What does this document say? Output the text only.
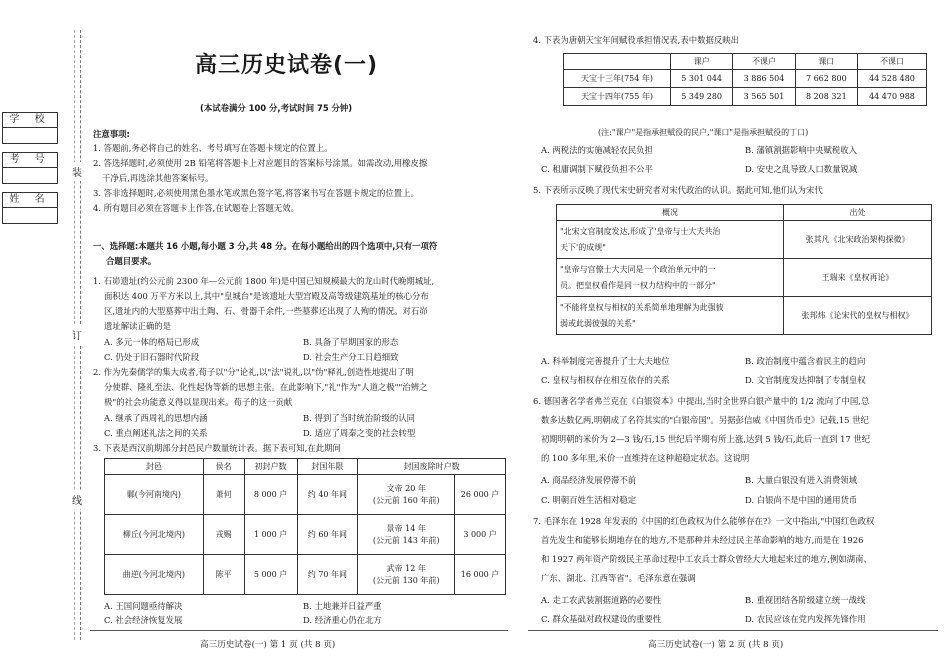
学 校
考 号
姓 名
装
订
线
高三历史试卷(一)
(本试卷满分 100 分,考试时间 75 分钟)
注意事项:
1. 答题前,务必将自己的姓名、考号填写在答题卡规定的位置上。
2. 答选择题时,必须使用 2B 铅笔将答题卡上对应题目的答案标号涂黑。如需改动,用橡皮擦
干净后,再选涂其他答案标号。
3. 答非选择题时,必须使用黑色墨水笔或黑色签字笔,将答案书写在答题卡规定的位置上。
4. 所有题目必须在答题卡上作答,在试题卷上答题无效。
一、选择题:本题共 16 小题,每小题 3 分,共 48 分。在每小题给出的四个选项中,只有一项符
合题目要求。
1. 石峁遗址(约公元前 2300 年—公元前 1800 年)是中国已知规模最大的龙山时代晚期城址,
面积达 400 万平方米以上,其中"皇城台"是该遗址大型宫殿及高等级建筑基址的核心分布
区,遗址内的大型墓葬中出土陶、石、骨器千余件,一些墓葬还出现了人殉的情况。对石峁
遗址解读正确的是
A. 多元一体的格局已形成	B. 具备了早期国家的形态
C. 仍处于旧石器时代阶段	D. 社会生产分工日趋细致
2. 作为先秦儒学的集大成者,荀子以"分"论礼,以"法"说礼,以"伪"释礼,创造性地提出了明
分使群、隆礼至法、化性起伪等新的思想主张。在此影响下,"礼"作为"人道之极""治辨之
极"的社会功能意义得以显现出来。荀子的这一贡献
A. 继承了西周礼的思想内涵	B. 得到了当时统治阶级的认同
C. 重点阐述礼法之间的关系	D. 适应了周秦之变的社会转型
3. 下表是西汉前期部分封邑民户数量统计表。据下表可知,在此期间
封邑	侯名	初封户数	封国年限	封国废除时户数	
鄛(今河南境内)	萧何	8 000 户	约 40 年间	文帝 20 年
(公元前 160 年前)	26 000 户
柳丘(今河北境内)	戎赐	1 000 户	约 60 年间	景帝 14 年
(公元前 143 年前)	3 000 户
曲逆(今河北境内)	陈平	5 000 户	约 70 年间	武帝 12 年
(公元前 130 年前)	16 000 户
A. 王国问题亟待解决	B. 土地兼并日益严重
C. 社会经济恢复发展	D. 经济重心仍在北方
高三历史试卷(一) 第 1 页 (共 8 页)
4. 下表为唐朝天宝年间赋役承担情况表,表中数据反映出
	课户	不课户	课口	不课口
天宝十三年(754 年)	5 301 044	3 886 504	7 662 800	44 528 480
天宝十四年(755 年)	5 349 280	3 565 501	8 208 321	44 470 988
(注:"课户"是指承担赋役的民户,"课口"是指承担赋役的丁口)
A. 两税法的实施减轻农民负担	B. 藩镇割据影响中央赋税收入
C. 租庸调制下赋役负担不公平	D. 安史之乱导致人口数量锐减
5. 下表所示反映了现代宋史研究者对宋代政治的认识。据此可知,他们认为宋代
概况	出处

"北宋文官制度发达,形成了'皇帝与士大夫共治
天下'的成规"	张其凡《北宋政治架构探微》

"皇帝与宫僚士大夫同是一个政治单元中的一
员。把皇权看作是同一权力结构中的一部分"	王瑞来《皇权再论》

"不能将皇权与相权的关系简单地理解为此强彼
弱或此弱彼强的关系"	张邦炜《论宋代的皇权与相权》
A. 科举制度完善提升了士大夫地位	B. 政治制度中蕴含着民主的趋向
C. 皇权与相权存在相互依存的关系	D. 文官制度发达抑制了专制皇权
6. 德国著名学者弗兰克在《白银资本》中提出,当时全世界白银产量中的 1/2 流向了中国,总
数多达数亿两,明朝成了名符其实的"白银帝国"。另据彭信威《中国货币史》记载,15 世纪
初期明朝的米价为 2—3 钱/石,15 世纪后半期有所上涨,达到 5 钱/石,此后一直到 17 世纪
的 100 多年里,米价一直维持在这种超稳定状态。这说明
A. 商品经济发展停滞不前	B. 大量白银没有进入消费领域
C. 明朝百姓生活相对稳定	D. 白银尚不是中国的通用货币
7. 毛泽东在 1928 年发表的《中国的红色政权为什么能够存在?》一文中指出,"中国红色政权
首先发生和能够长期地存在的地方,不是那种并未经过民主革命影响的地方,而是在 1926
和 1927 两年资产阶级民主革命过程中工农兵士群众曾经大大地起来过的地方,例如湖南、
广东、湖北、江西等省"。毛泽东意在强调
A. 走工农武装割据道路的必要性	B. 重视团结各阶级建立统一战线
C. 群众基础对政权建设的重要性	D. 农民应该在党内发挥先锋作用
高三历史试卷(一) 第 2 页 (共 8 页)
